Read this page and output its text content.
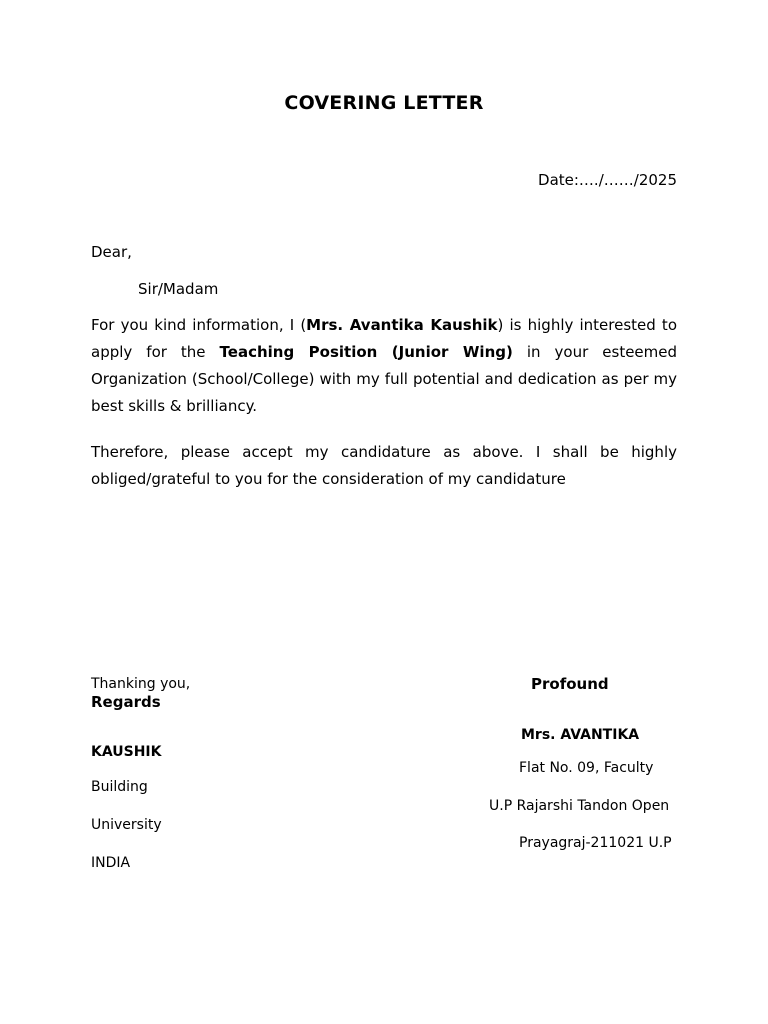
COVERING LETTER
Date:…./……/2025
Dear,
Sir/Madam
For you kind information, I (Mrs. Avantika Kaushik) is highly interested to apply for the Teaching Position (Junior Wing) in your esteemed Organization (School/College) with my full potential and dedication as per my best skills & brilliancy.
Therefore, please accept my candidature as above. I shall be highly obliged/grateful to you for the consideration of my candidature
Thanking you,
Regards
Profound
Mrs. AVANTIKA
KAUSHIK
Flat No. 09, Faculty
Building
U.P Rajarshi Tandon Open
University
Prayagraj-211021 U.P
INDIA
